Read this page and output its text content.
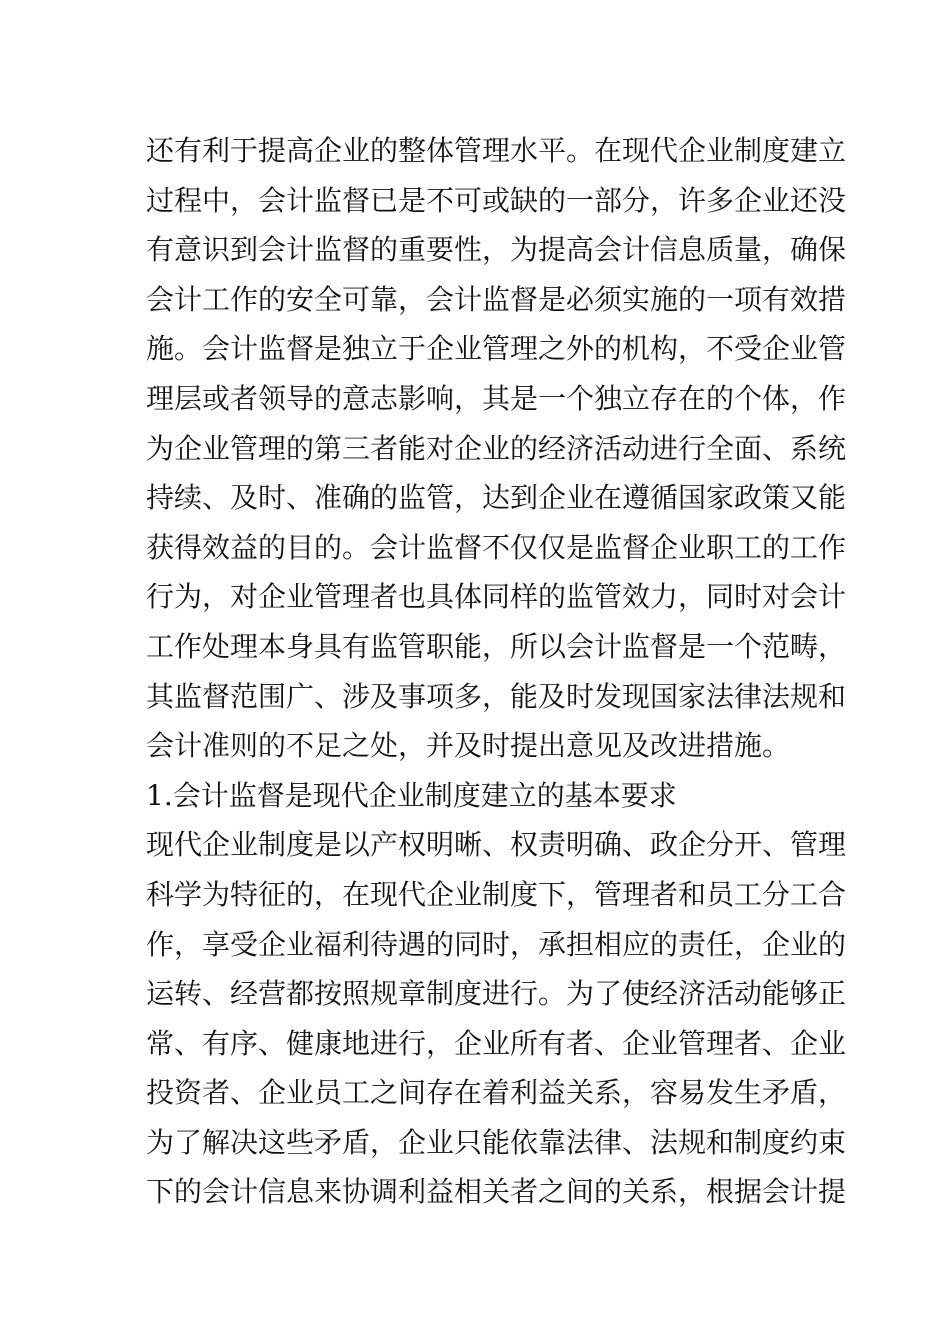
还有利于提高企业的整体管理水平。在现代企业制度建立
过程中，会计监督已是不可或缺的一部分，许多企业还没
有意识到会计监督的重要性，为提高会计信息质量，确保
会计工作的安全可靠，会计监督是必须实施的一项有效措
施。会计监督是独立于企业管理之外的机构，不受企业管
理层或者领导的意志影响，其是一个独立存在的个体，作
为企业管理的第三者能对企业的经济活动进行全面、系统
持续、及时、准确的监管，达到企业在遵循国家政策又能
获得效益的目的。会计监督不仅仅是监督企业职工的工作
行为，对企业管理者也具体同样的监管效力，同时对会计
工作处理本身具有监管职能，所以会计监督是一个范畴，
其监督范围广、涉及事项多，能及时发现国家法律法规和
会计准则的不足之处，并及时提出意见及改进措施。
1.会计监督是现代企业制度建立的基本要求
现代企业制度是以产权明晰、权责明确、政企分开、管理
科学为特征的，在现代企业制度下，管理者和员工分工合
作，享受企业福利待遇的同时，承担相应的责任，企业的
运转、经营都按照规章制度进行。为了使经济活动能够正
常、有序、健康地进行，企业所有者、企业管理者、企业
投资者、企业员工之间存在着利益关系，容易发生矛盾，
为了解决这些矛盾，企业只能依靠法律、法规和制度约束
下的会计信息来协调利益相关者之间的关系，根据会计提
